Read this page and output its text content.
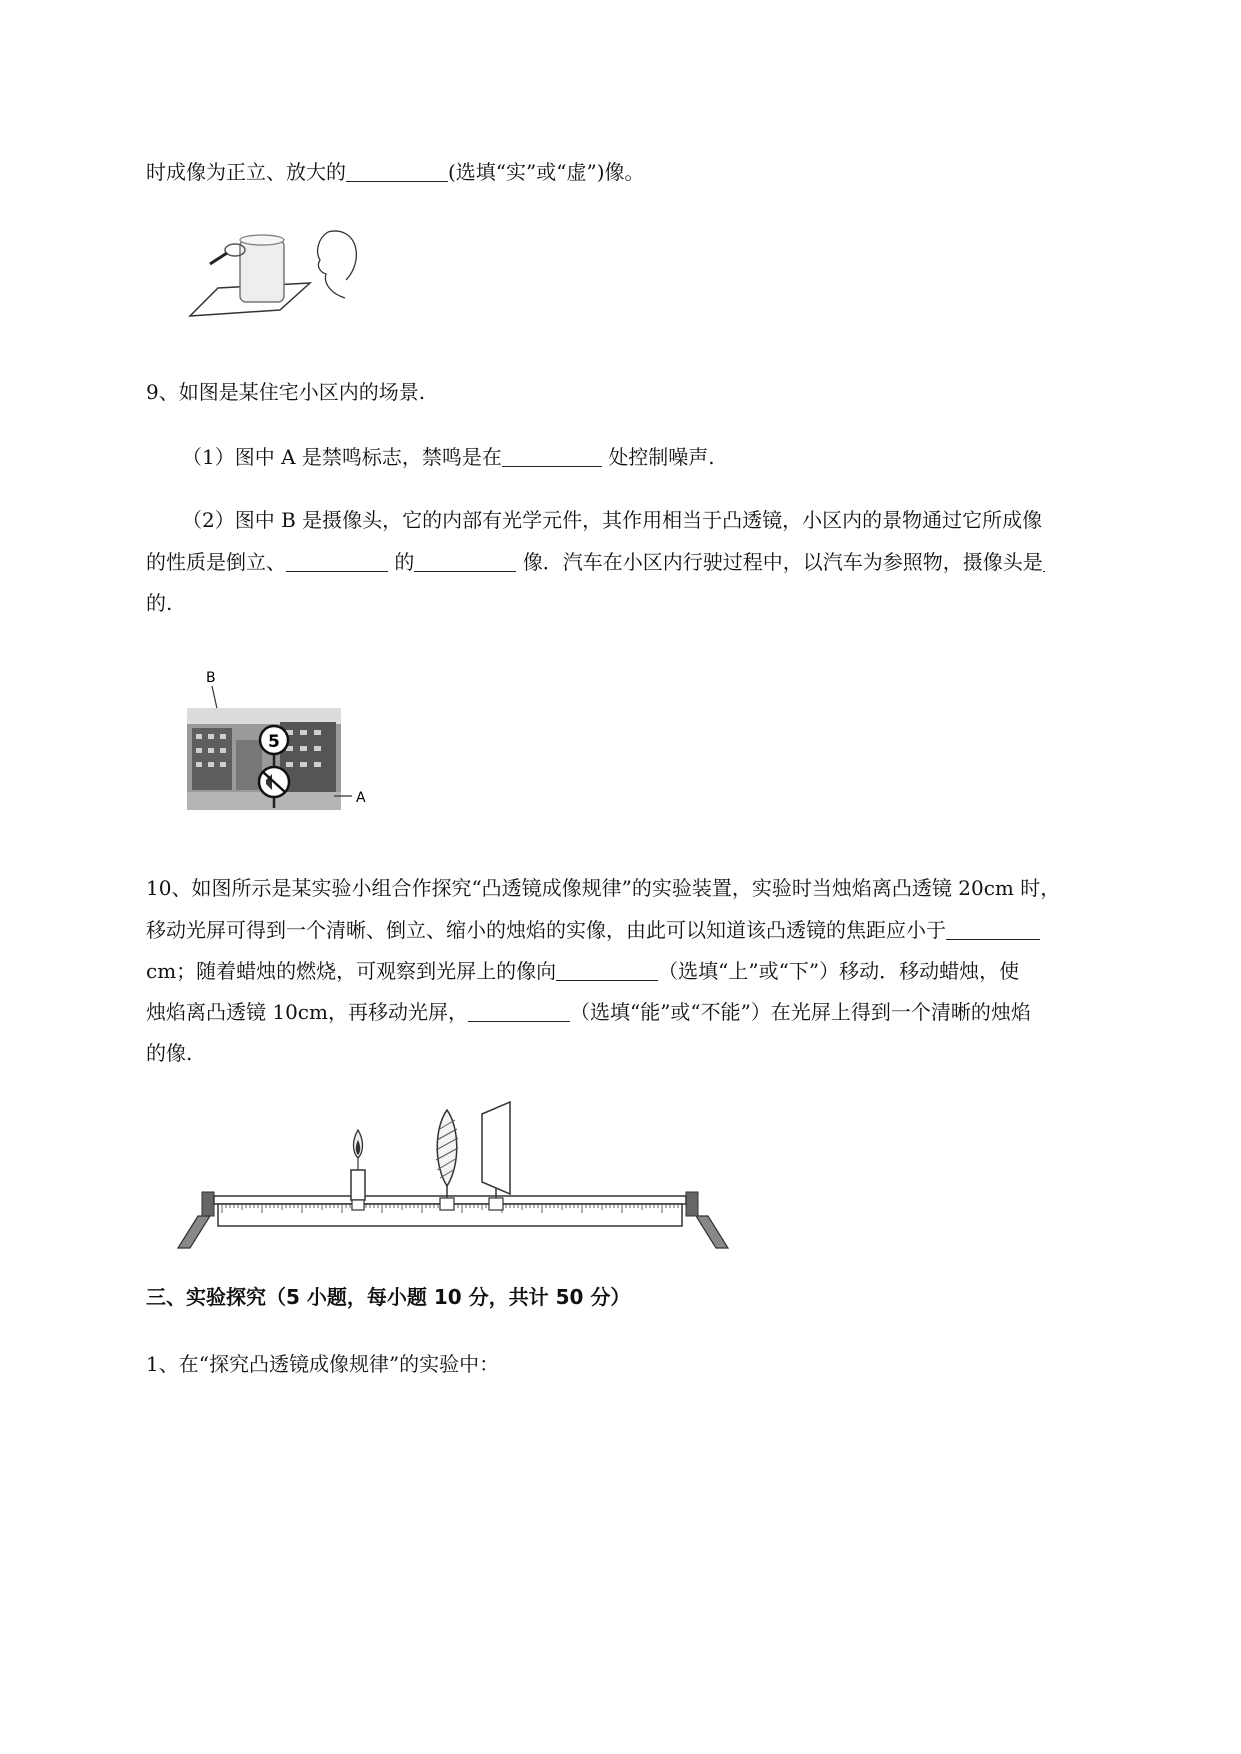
时成像为正立、放大的	(选填“实”或“虚”)像。
9、如图是某住宅小区内的场景.
（1）图中 A 是禁鸣标志，禁鸣是在	处控制噪声.
（2）图中 B 是摄像头，它的内部有光学元件，其作用相当于凸透镜，小区内的景物通过它所成像
的性质是倒立、	的	像．汽车在小区内行驶过程中，以汽车为参照物，摄像头是
的.
B
5
A
10、如图所示是某实验小组合作探究“凸透镜成像规律”的实验装置，实验时当烛焰离凸透镜 20cm 时，
移动光屏可得到一个清晰、倒立、缩小的烛焰的实像，由此可以知道该凸透镜的焦距应小于
cm；随着蜡烛的燃烧，可观察到光屏上的像向	（选填“上”或“下”）移动．移动蜡烛，使
烛焰离凸透镜 10cm，再移动光屏，	（选填“能”或“不能”）在光屏上得到一个清晰的烛焰
的像.
三、实验探究（5 小题，每小题 10 分，共计 50 分）
1、在“探究凸透镜成像规律”的实验中：
